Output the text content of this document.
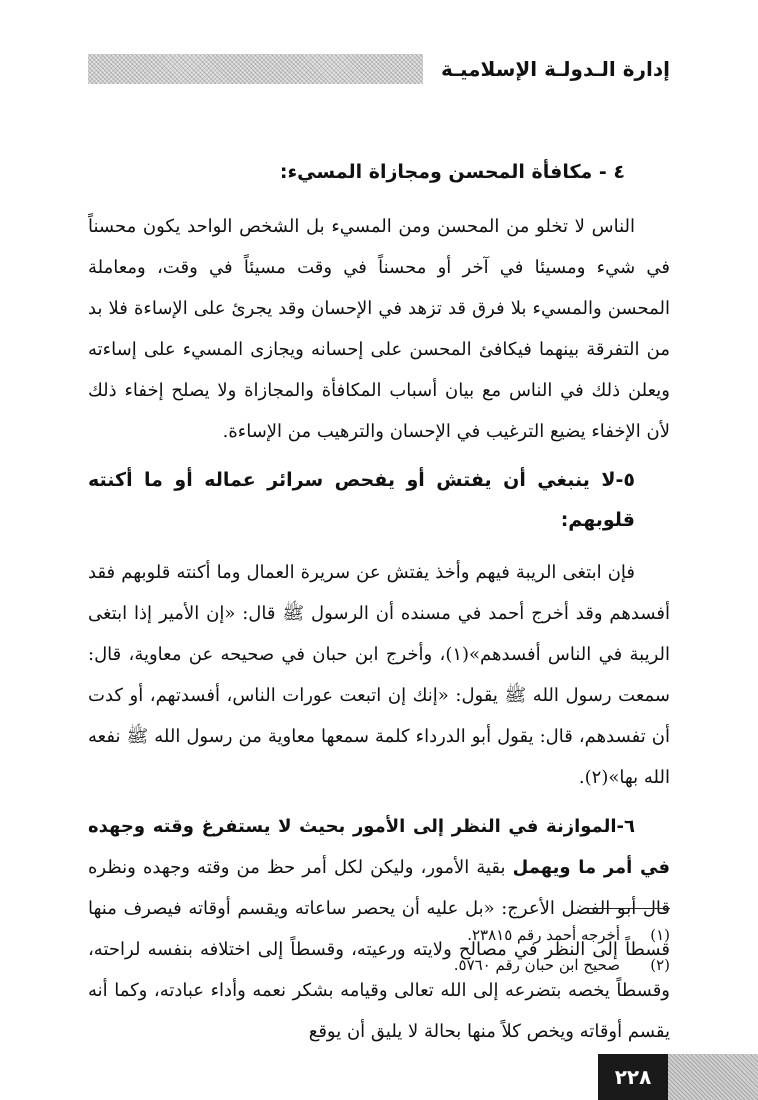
إدارة الـدولـة الإسلاميـة

٤ - مكافأة المحسن ومجازاة المسيء:

الناس لا تخلو من المحسن ومن المسيء بل الشخص الواحد يكون محسناً في شيء ومسيئا في آخر أو محسناً في وقت مسيئاً في وقت، ومعاملة المحسن والمسيء بلا فرق قد تزهد في الإحسان وقد يجرئ على الإساءة فلا بد من التفرقة بينهما فيكافئ المحسن على إحسانه ويجازى المسيء على إساءته ويعلن ذلك في الناس مع بيان أسباب المكافأة والمجازاة ولا يصلح إخفاء ذلك لأن الإخفاء يضيع الترغيب في الإحسان والترهيب من الإساءة.

٥-لا ينبغي أن يفتش أو يفحص سرائر عماله أو ما أكنته قلوبهم:

فإن ابتغى الريبة فيهم وأخذ يفتش عن سريرة العمال وما أكنته قلوبهم فقد أفسدهم وقد أخرج أحمد في مسنده أن الرسول ﷺ قال: «إن الأمير إذا ابتغى الريبة في الناس أفسدهم»(١)، وأخرج ابن حبان في صحيحه عن معاوية، قال: سمعت رسول الله ﷺ يقول: «إنك إن اتبعت عورات الناس، أفسدتهم، أو كدت أن تفسدهم، قال: يقول أبو الدرداء كلمة سمعها معاوية من رسول الله ﷺ نفعه الله بها»(٢).

٦-الموازنة في النظر إلى الأمور بحيث لا يستفرغ وقته وجهده في أمر ما ويهمل بقية الأمور، وليكن لكل أمر حظ من وقته وجهده ونظره قال أبو الفضل الأعرج: «بل عليه أن يحصر ساعاته ويقسم أوقاته فيصرف منها قسطاً إلى النظر في مصالح ولايته ورعيته، وقسطاً إلى اختلافه بنفسه لراحته، وقسطاً يخصه بتضرعه إلى الله تعالى وقيامه بشكر نعمه وأداء عبادته، وكما أنه يقسم أوقاته ويخص كلاً منها بحالة لا يليق أن يوقع

(١)
أخرجه أحمد رقم ٢٣٨١٥.
(٢)
صحيح ابن حبان رقم ٥٧٦٠.
٢٢٨
